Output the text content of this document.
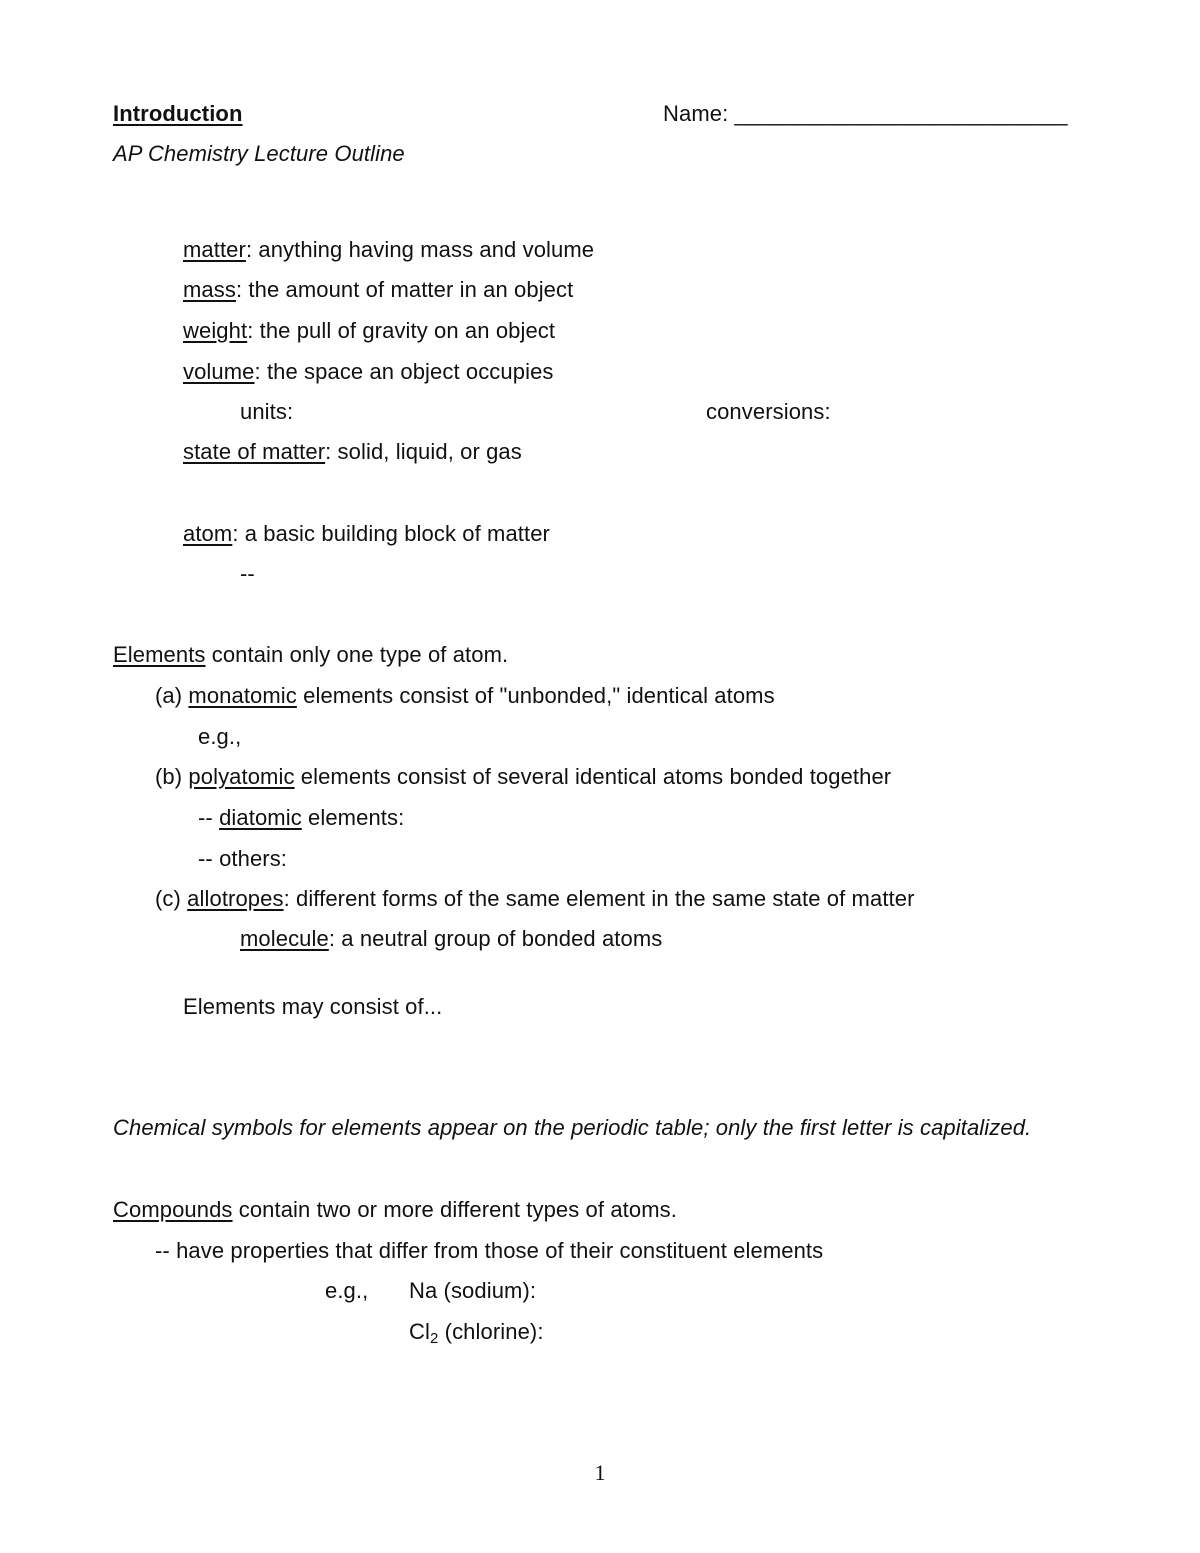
Introduction	Name: ___________________________
AP Chemistry Lecture Outline
matter: anything having mass and volume
mass: the amount of matter in an object
weight: the pull of gravity on an object
volume: the space an object occupies
units:	conversions:
state of matter: solid, liquid, or gas
atom: a basic building block of matter
--
Elements contain only one type of atom.
(a) monatomic elements consist of "unbonded," identical atoms
e.g.,
(b) polyatomic elements consist of several identical atoms bonded together
-- diatomic elements:
-- others:
(c) allotropes: different forms of the same element in the same state of matter
molecule: a neutral group of bonded atoms
Elements may consist of...
Chemical symbols for elements appear on the periodic table; only the first letter is capitalized.
Compounds contain two or more different types of atoms.
-- have properties that differ from those of their constituent elements
e.g., Na (sodium):
$Cl_2$ (chlorine):
1
